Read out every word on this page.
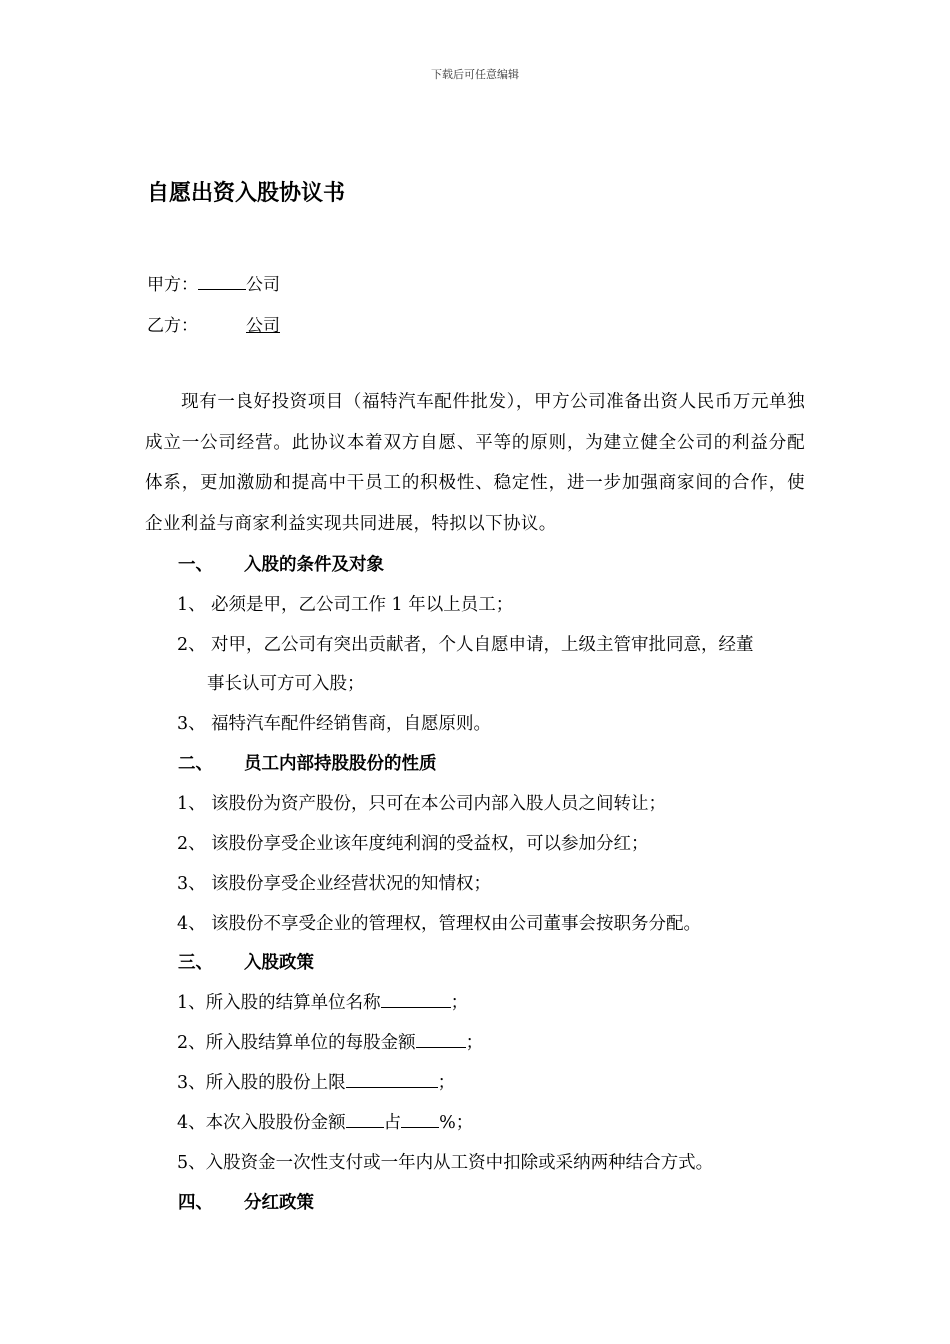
下载后可任意编辑
自愿出资入股协议书
甲方：	公司
乙方：	公司
现有一良好投资项目（福特汽车配件批发），甲方公司准备出资人民币万元单独成立一公司经营。此协议本着双方自愿、平等的原则，为建立健全公司的利益分配体系，更加激励和提高中干员工的积极性、稳定性，进一步加强商家间的合作，使企业利益与商家利益实现共同进展，特拟以下协议。
一、 入股的条件及对象
1、 必须是甲，乙公司工作 1 年以上员工；
2、 对甲，乙公司有突出贡献者，个人自愿申请，上级主管审批同意，经董
事长认可方可入股；
3、 福特汽车配件经销售商，自愿原则。
二、 员工内部持股股份的性质
1、 该股份为资产股份，只可在本公司内部入股人员之间转让；
2、 该股份享受企业该年度纯利润的受益权，可以参加分红；
3、 该股份享受企业经营状况的知情权；
4、 该股份不享受企业的管理权，管理权由公司董事会按职务分配。
三、 入股政策
1、所入股的结算单位名称	；
2、所入股结算单位的每股金额	；
3、所入股的股份上限	；
4、本次入股股份金额 占 %；
5、入股资金一次性支付或一年内从工资中扣除或采纳两种结合方式。
四、 分红政策
